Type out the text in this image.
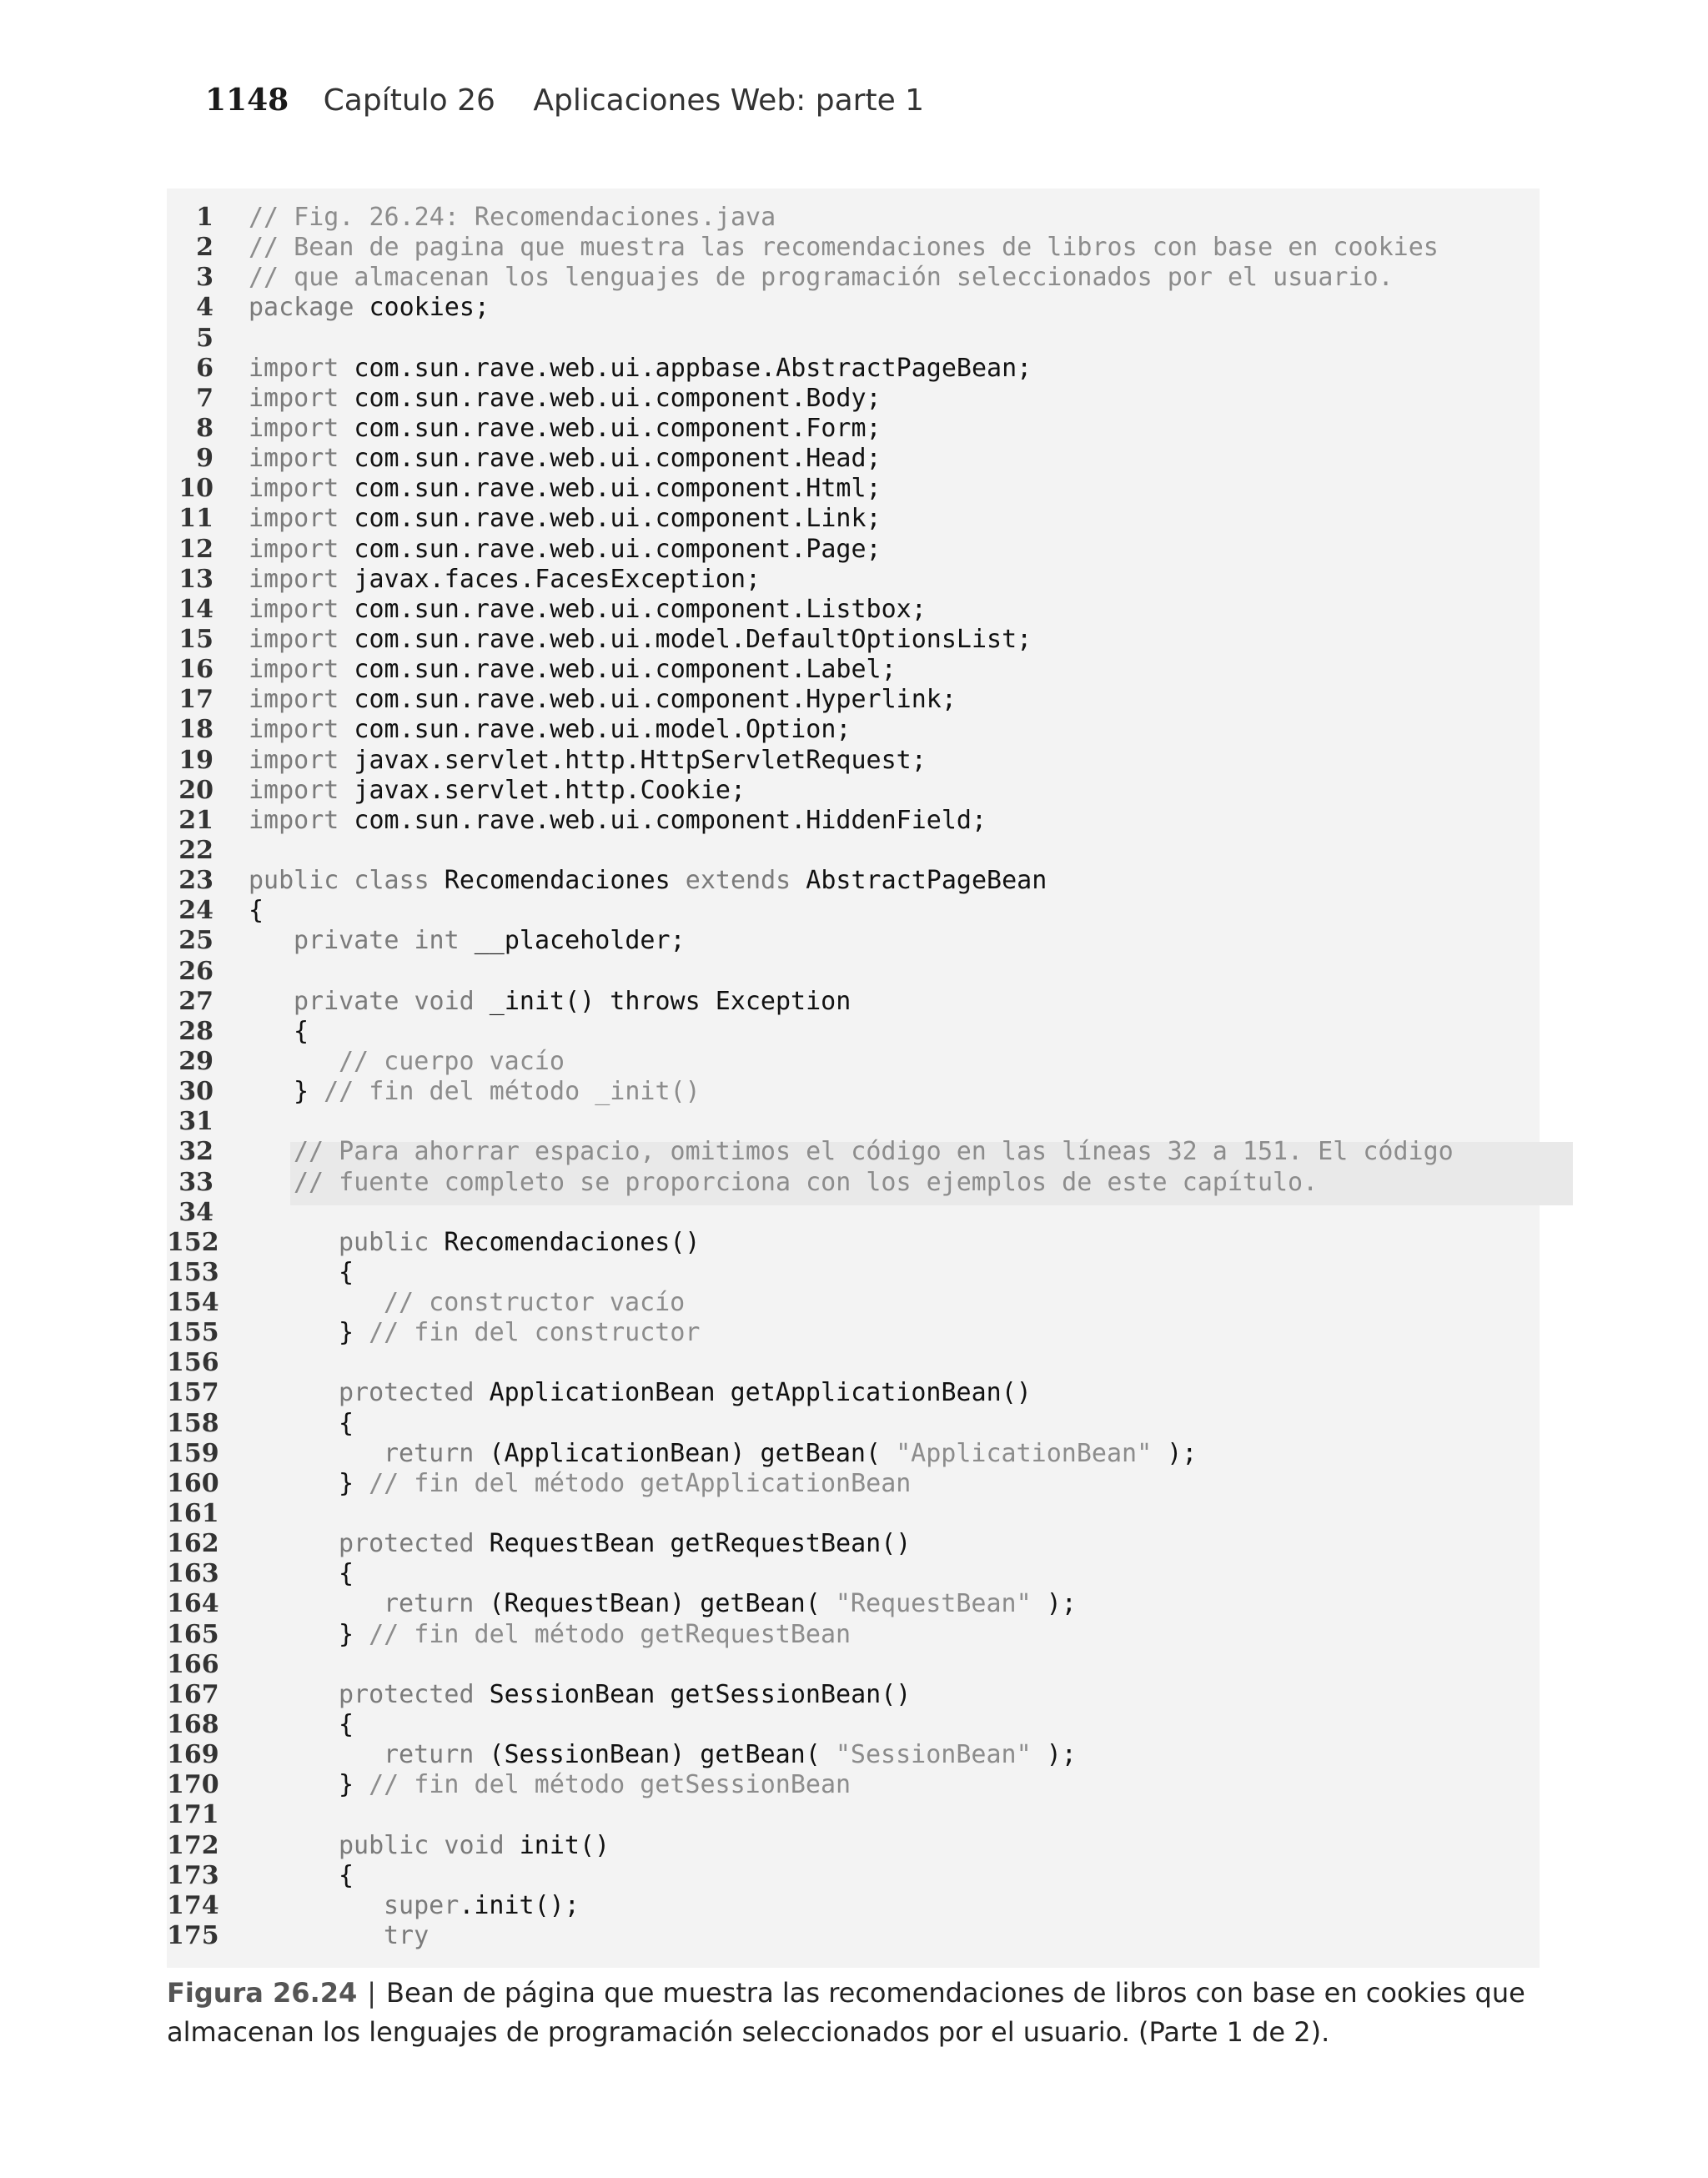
1148 Capítulo 26 Aplicaciones Web: parte 1
1 // Fig. 26.24: Recomendaciones.java
2 // Bean de pagina que muestra las recomendaciones de libros con base en cookies
3 // que almacenan los lenguajes de programación seleccionados por el usuario.
4 package cookies;
5
6 import com.sun.rave.web.ui.appbase.AbstractPageBean;
7 import com.sun.rave.web.ui.component.Body;
8 import com.sun.rave.web.ui.component.Form;
9 import com.sun.rave.web.ui.component.Head;
10 import com.sun.rave.web.ui.component.Html;
11 import com.sun.rave.web.ui.component.Link;
12 import com.sun.rave.web.ui.component.Page;
13 import javax.faces.FacesException;
14 import com.sun.rave.web.ui.component.Listbox;
15 import com.sun.rave.web.ui.model.DefaultOptionsList;
16 import com.sun.rave.web.ui.component.Label;
17 import com.sun.rave.web.ui.component.Hyperlink;
18 import com.sun.rave.web.ui.model.Option;
19 import javax.servlet.http.HttpServletRequest;
20 import javax.servlet.http.Cookie;
21 import com.sun.rave.web.ui.component.HiddenField;
22
23 public class Recomendaciones extends AbstractPageBean
24 {
25	private int __placeholder;
26
27	private void _init() throws Exception
28	{
29	// cuerpo vacío
30	} // fin del método _init()
31
32	// Para ahorrar espacio, omitimos el código en las líneas 32 a 151. El código
33	// fuente completo se proporciona con los ejemplos de este capítulo.
34
152	public Recomendaciones()
153	{
154	// constructor vacío
155	} // fin del constructor
156
157	protected ApplicationBean getApplicationBean()
158	{
159	return (ApplicationBean) getBean( "ApplicationBean" );
160	} // fin del método getApplicationBean
161
162	protected RequestBean getRequestBean()
163	{
164	return (RequestBean) getBean( "RequestBean" );
165	} // fin del método getRequestBean
166
167	protected SessionBean getSessionBean()
168	{
169	return (SessionBean) getBean( "SessionBean" );
170	} // fin del método getSessionBean
171
172	public void init()
173	{
174	super.init();
175	try
Figura 26.24 | Bean de página que muestra las recomendaciones de libros con base en cookies que almacenan los lenguajes de programación seleccionados por el usuario. (Parte 1 de 2).
